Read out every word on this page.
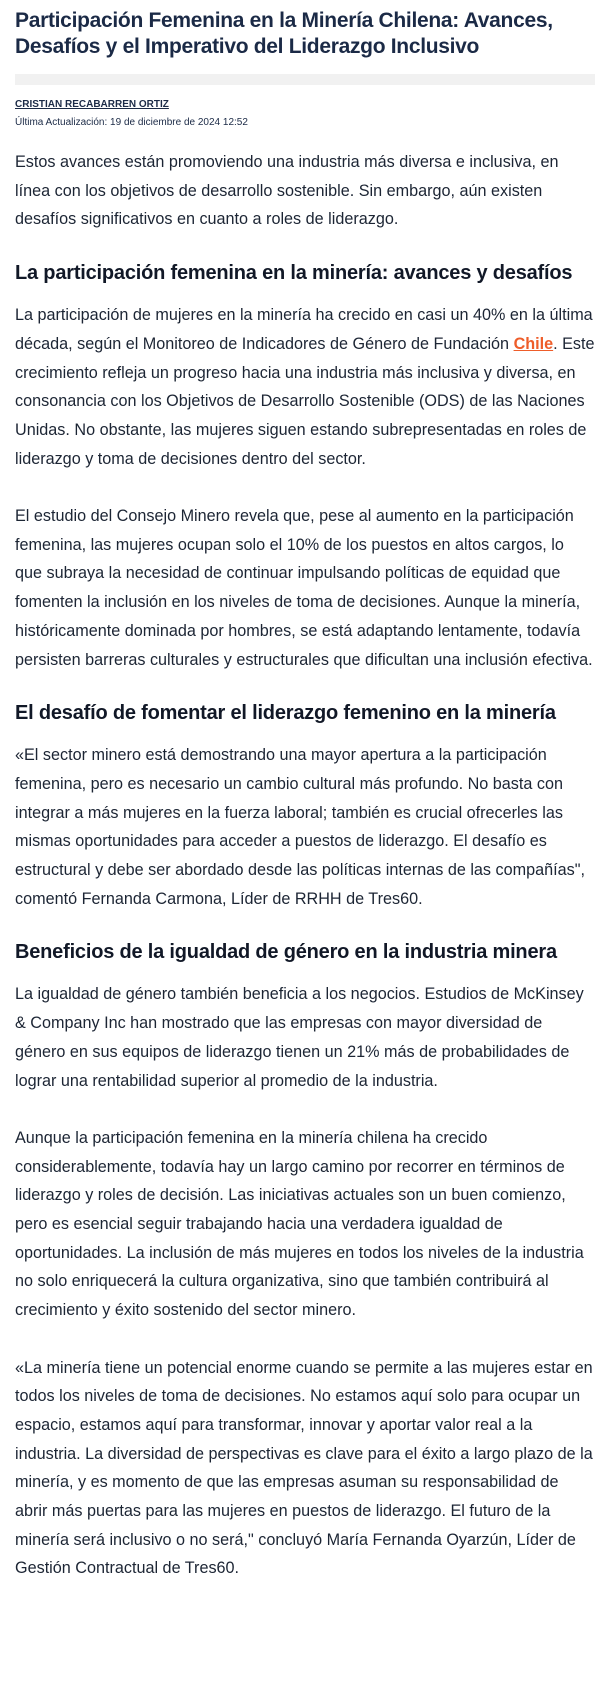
Participación Femenina en la Minería Chilena: Avances, Desafíos y el Imperativo del Liderazgo Inclusivo
CRISTIAN RECABARREN ORTIZ
Última Actualización: 19 de diciembre de 2024 12:52

Estos avances están promoviendo una industria más diversa e inclusiva, en línea con los objetivos de desarrollo sostenible. Sin embargo, aún existen desafíos significativos en cuanto a roles de liderazgo.

La participación femenina en la minería: avances y desafíos

La participación de mujeres en la minería ha crecido en casi un 40% en la última década, según el Monitoreo de Indicadores de Género de Fundación Chile. Este crecimiento refleja un progreso hacia una industria más inclusiva y diversa, en consonancia con los Objetivos de Desarrollo Sostenible (ODS) de las Naciones Unidas. No obstante, las mujeres siguen estando subrepresentadas en roles de liderazgo y toma de decisiones dentro del sector.

El estudio del Consejo Minero revela que, pese al aumento en la participación femenina, las mujeres ocupan solo el 10% de los puestos en altos cargos, lo que subraya la necesidad de continuar impulsando políticas de equidad que fomenten la inclusión en los niveles de toma de decisiones. Aunque la minería, históricamente dominada por hombres, se está adaptando lentamente, todavía persisten barreras culturales y estructurales que dificultan una inclusión efectiva.

El desafío de fomentar el liderazgo femenino en la minería

«El sector minero está demostrando una mayor apertura a la participación femenina, pero es necesario un cambio cultural más profundo. No basta con integrar a más mujeres en la fuerza laboral; también es crucial ofrecerles las mismas oportunidades para acceder a puestos de liderazgo. El desafío es estructural y debe ser abordado desde las políticas internas de las compañías", comentó Fernanda Carmona, Líder de RRHH de Tres60.

Beneficios de la igualdad de género en la industria minera

La igualdad de género también beneficia a los negocios. Estudios de McKinsey & Company Inc han mostrado que las empresas con mayor diversidad de género en sus equipos de liderazgo tienen un 21% más de probabilidades de lograr una rentabilidad superior al promedio de la industria.

Aunque la participación femenina en la minería chilena ha crecido considerablemente, todavía hay un largo camino por recorrer en términos de liderazgo y roles de decisión. Las iniciativas actuales son un buen comienzo, pero es esencial seguir trabajando hacia una verdadera igualdad de oportunidades. La inclusión de más mujeres en todos los niveles de la industria no solo enriquecerá la cultura organizativa, sino que también contribuirá al crecimiento y éxito sostenido del sector minero.

«La minería tiene un potencial enorme cuando se permite a las mujeres estar en todos los niveles de toma de decisiones. No estamos aquí solo para ocupar un espacio, estamos aquí para transformar, innovar y aportar valor real a la industria. La diversidad de perspectivas es clave para el éxito a largo plazo de la minería, y es momento de que las empresas asuman su responsabilidad de abrir más puertas para las mujeres en puestos de liderazgo. El futuro de la minería será inclusivo o no será," concluyó María Fernanda Oyarzún, Líder de Gestión Contractual de Tres60.
